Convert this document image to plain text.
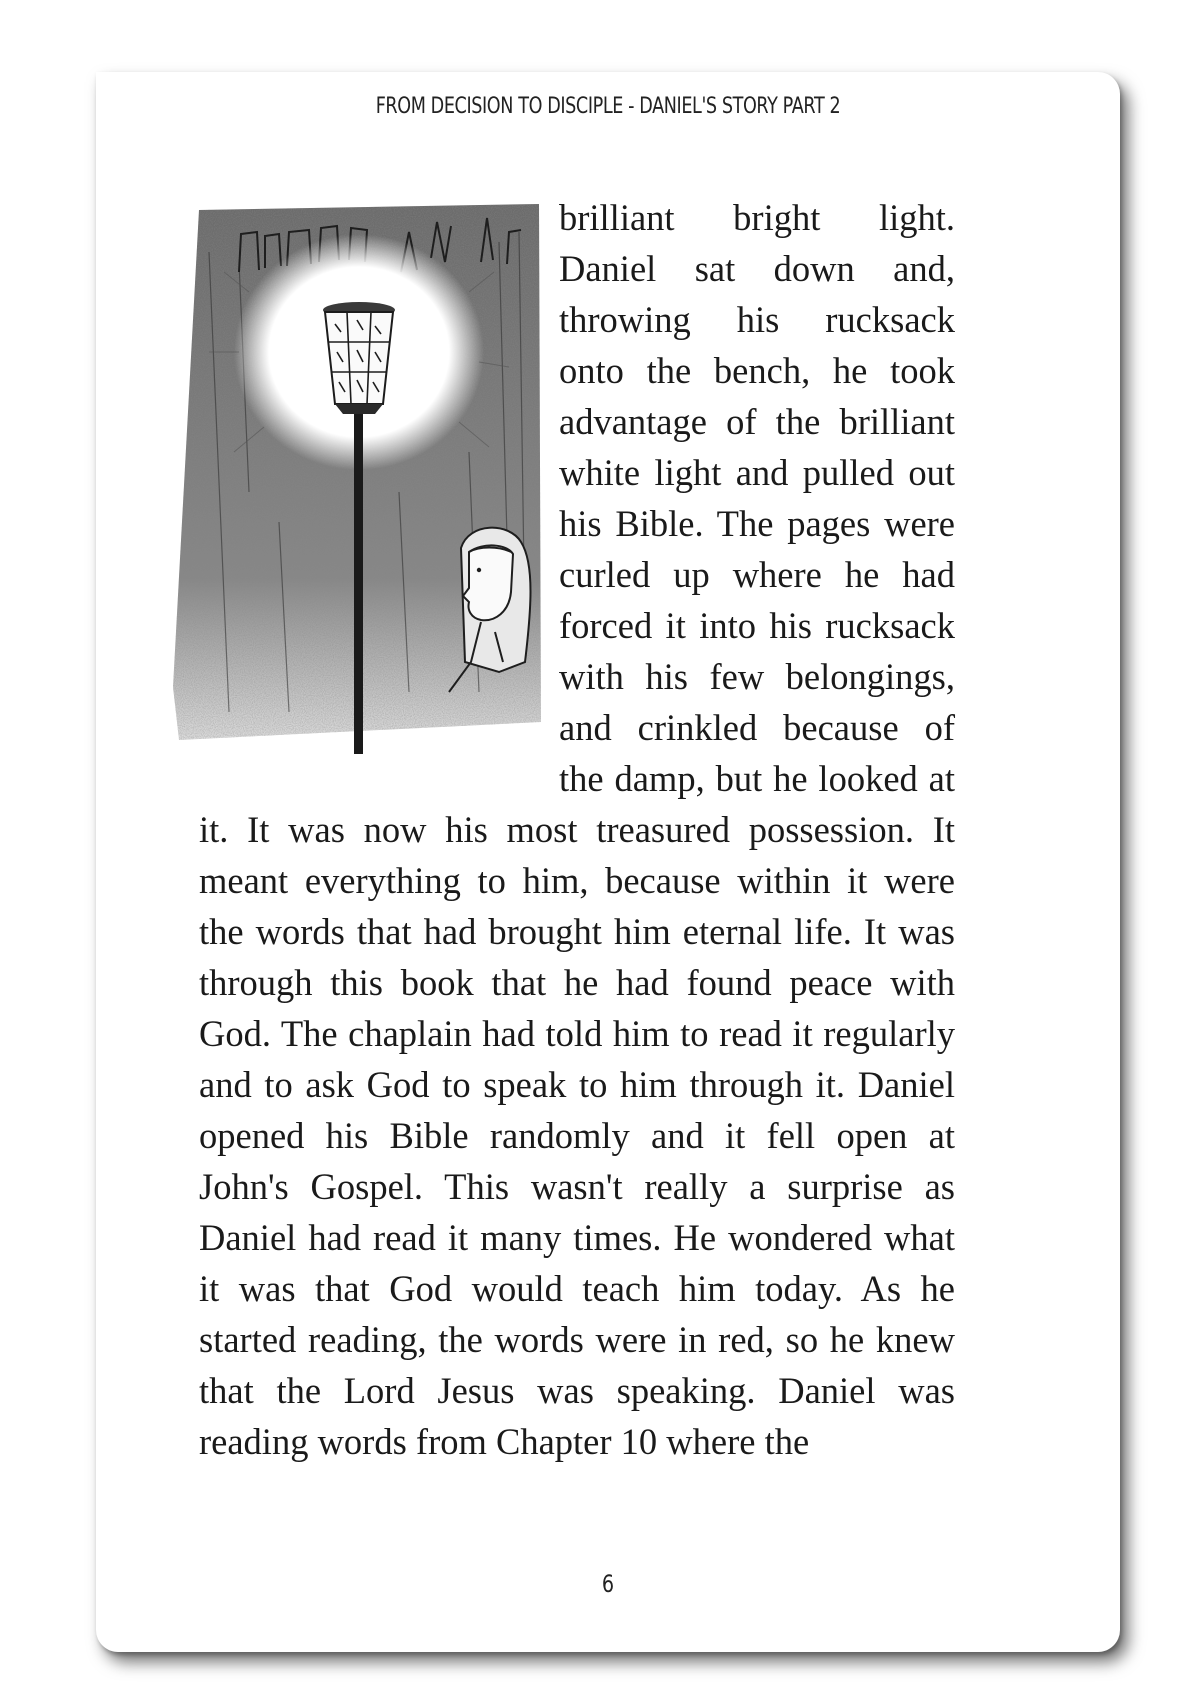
FROM DECISION TO DISCIPLE - DANIEL'S STORY PART 2

brilliant bright light. Daniel sat down and, throwing his rucksack onto the bench, he took advantage of the brilliant white light and pulled out his Bible. The pages were curled up where he had forced it into his rucksack with his few belongings, and crinkled because of the damp, but he looked at it. It was now his most treasured possession. It meant everything to him, because within it were the words that had brought him eternal life. It was through this book that he had found peace with God. The chaplain had told him to read it regularly and to ask God to speak to him through it. Daniel opened his Bible randomly and it fell open at John's Gospel. This wasn't really a surprise as Daniel had read it many times. He wondered what it was that God would teach him today. As he started reading, the words were in red, so he knew that the Lord Jesus was speaking. Daniel was reading words from Chapter 10 where the

6
